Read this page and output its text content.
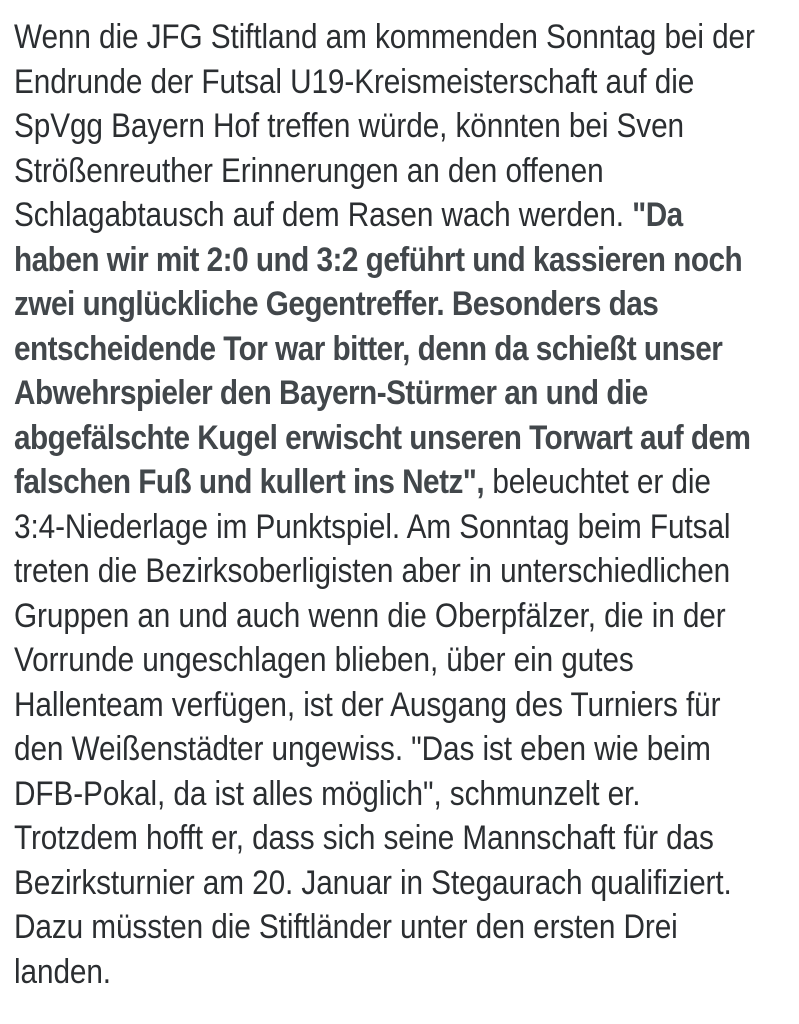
Wenn die JFG Stiftland am kommenden Sonntag bei der
Endrunde der Futsal U19-Kreismeisterschaft auf die
SpVgg Bayern Hof treffen würde, könnten bei Sven
Strößenreuther Erinnerungen an den offenen
Schlagabtausch auf dem Rasen wach werden. "Da
haben wir mit 2:0 und 3:2 geführt und kassieren noch
zwei unglückliche Gegentreffer. Besonders das
entscheidende Tor war bitter, denn da schießt unser
Abwehrspieler den Bayern-Stürmer an und die
abgefälschte Kugel erwischt unseren Torwart auf dem
falschen Fuß und kullert ins Netz", beleuchtet er die
3:4-Niederlage im Punktspiel. Am Sonntag beim Futsal
treten die Bezirksoberligisten aber in unterschiedlichen
Gruppen an und auch wenn die Oberpfälzer, die in der
Vorrunde ungeschlagen blieben, über ein gutes
Hallenteam verfügen, ist der Ausgang des Turniers für
den Weißenstädter ungewiss. "Das ist eben wie beim
DFB-Pokal, da ist alles möglich", schmunzelt er.
Trotzdem hofft er, dass sich seine Mannschaft für das
Bezirksturnier am 20. Januar in Stegaurach qualifiziert.
Dazu müssten die Stiftländer unter den ersten Drei
landen.
